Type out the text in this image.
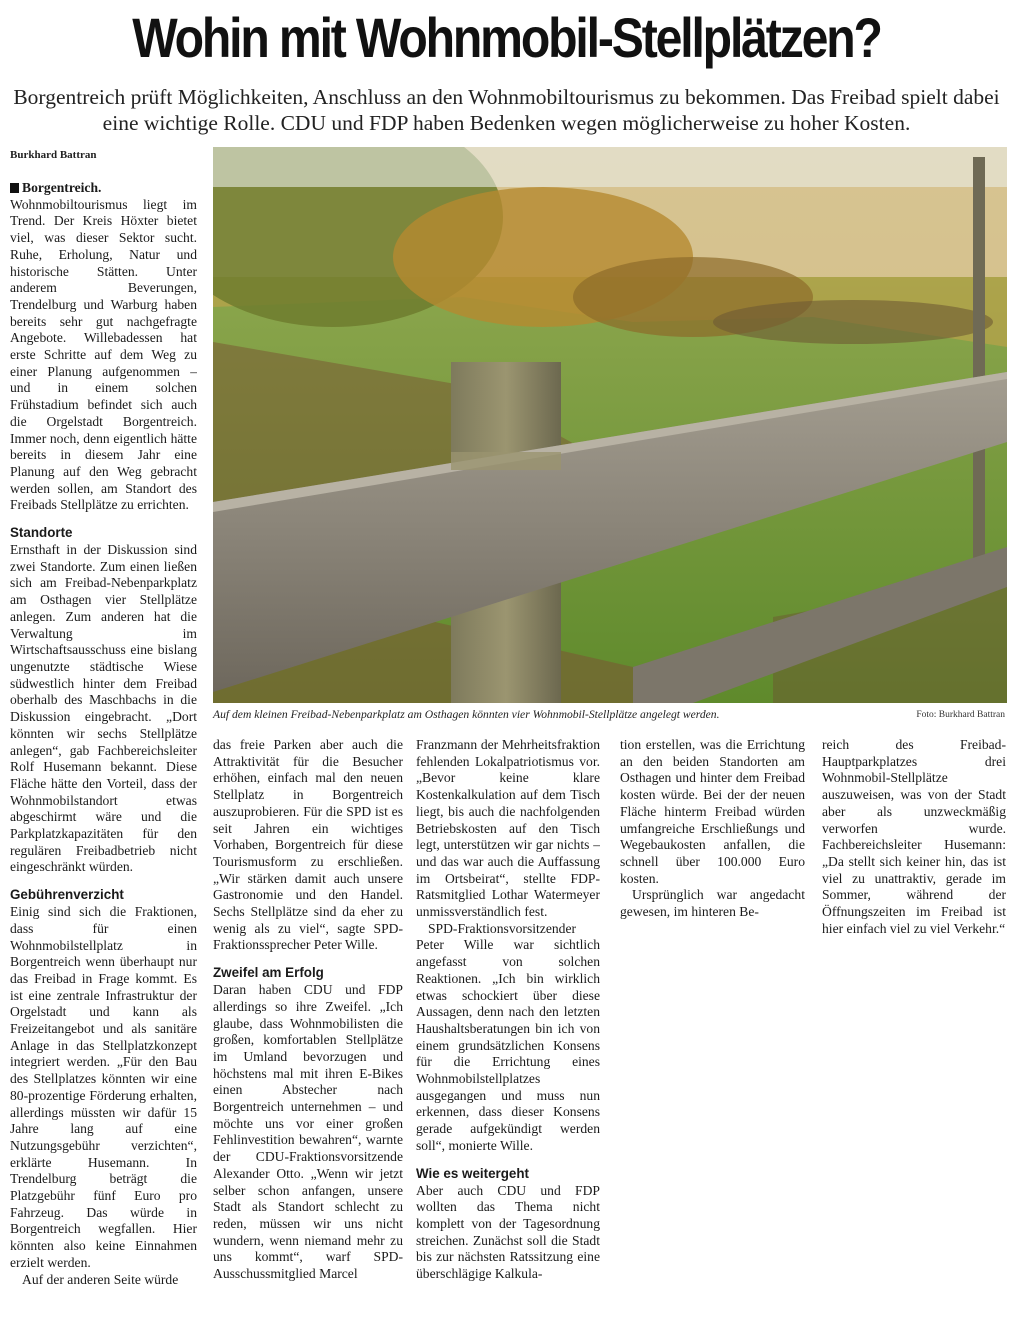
Wohin mit Wohnmobil-Stellplätzen?
Borgentreich prüft Möglichkeiten, Anschluss an den Wohnmobiltourismus zu bekommen. Das Freibad spielt dabei eine wichtige Rolle. CDU und FDP haben Bedenken wegen möglicherweise zu hoher Kosten.
Burkhard Battran

Borgentreich. Wohnmobiltourismus liegt im Trend. Der Kreis Höxter bietet viel, was dieser Sektor sucht. Ruhe, Erholung, Natur und historische Stätten. Unter anderem Beverungen, Trendelburg und Warburg haben bereits sehr gut nachgefragte Angebote. Willebadessen hat erste Schritte auf dem Weg zu einer Planung aufgenommen – und in einem solchen Frühstadium befindet sich auch die Orgelstadt Borgentreich. Immer noch, denn eigentlich hätte bereits in diesem Jahr eine Planung auf den Weg gebracht werden sollen, am Standort des Freibads Stellplätze zu errichten.

Standorte

Ernsthaft in der Diskussion sind zwei Standorte. Zum einen ließen sich am Freibad-Nebenparkplatz am Osthagen vier Stellplätze anlegen. Zum anderen hat die Verwaltung im Wirtschaftsausschuss eine bislang ungenutzte städtische Wiese südwestlich hinter dem Freibad oberhalb des Maschbachs in die Diskussion eingebracht. „Dort könnten wir sechs Stellplätze anlegen“, gab Fachbereichsleiter Rolf Husemann bekannt. Diese Fläche hätte den Vorteil, dass der Wohnmobilstandort etwas abgeschirmt wäre und die Parkplatzkapazitäten für den regulären Freibadbetrieb nicht eingeschränkt würden.

Gebührenverzicht

Einig sind sich die Fraktionen, dass für einen Wohnmobilstellplatz in Borgentreich wenn überhaupt nur das Freibad in Frage kommt. Es ist eine zentrale Infrastruktur der Orgelstadt und kann als Freizeitangebot und als sanitäre Anlage in das Stellplatzkonzept integriert werden. „Für den Bau des Stellplatzes könnten wir eine 80-prozentige Förderung erhalten, allerdings müssten wir dafür 15 Jahre lang auf eine Nutzungsgebühr verzichten“, erklärte Husemann. In Trendelburg beträgt die Platzgebühr fünf Euro pro Fahrzeug. Das würde in Borgentreich wegfallen. Hier könnten also keine Einnahmen erzielt werden.

Auf der anderen Seite würde

Auf dem kleinen Freibad-Nebenparkplatz am Osthagen könnten vier Wohnmobil-Stellplätze angelegt werden.	Foto: Burkhard Battran

das freie Parken aber auch die Attraktivität für die Besucher erhöhen, einfach mal den neuen Stellplatz in Borgentreich auszuprobieren. Für die SPD ist es seit Jahren ein wichtiges Vorhaben, Borgentreich für diese Tourismusform zu erschließen. „Wir stärken damit auch unsere Gastronomie und den Handel. Sechs Stellplätze sind da eher zu wenig als zu viel“, sagte SPD-Fraktionssprecher Peter Wille.

Zweifel am Erfolg

Daran haben CDU und FDP allerdings so ihre Zweifel. „Ich glaube, dass Wohnmobilisten die großen, komfortablen Stellplätze im Umland bevorzugen und höchstens mal mit ihren E-Bikes einen Abstecher nach Borgentreich unternehmen – und möchte uns vor einer großen Fehlinvestition bewahren“, warnte der CDU-Fraktionsvorsitzende Alexander Otto. „Wenn wir jetzt selber schon anfangen, unsere Stadt als Standort schlecht zu reden, müssen wir uns nicht wundern, wenn niemand mehr zu uns kommt“, warf SPD-Ausschussmitglied Marcel

Franzmann der Mehrheitsfraktion fehlenden Lokalpatriotismus vor. „Bevor keine klare Kostenkalkulation auf dem Tisch liegt, bis auch die nachfolgenden Betriebskosten auf den Tisch legt, unterstützen wir gar nichts – und das war auch die Auffassung im Ortsbeirat“, stellte FDP-Ratsmitglied Lothar Watermeyer unmissverständlich fest.

SPD-Fraktionsvorsitzender Peter Wille war sichtlich angefasst von solchen Reaktionen. „Ich bin wirklich etwas schockiert über diese Aussagen, denn nach den letzten Haushaltsberatungen bin ich von einem grundsätzlichen Konsens für die Errichtung eines Wohnmobilstellplatzes ausgegangen und muss nun erkennen, dass dieser Konsens gerade aufgekündigt werden soll“, monierte Wille.

Wie es weitergeht

Aber auch CDU und FDP wollten das Thema nicht komplett von der Tagesordnung streichen. Zunächst soll die Stadt bis zur nächsten Ratssitzung eine überschlägige Kalkula-

tion erstellen, was die Errichtung an den beiden Standorten am Osthagen und hinter dem Freibad kosten würde. Bei der der neuen Fläche hinterm Freibad würden umfangreiche Erschließungs und Wegebaukosten anfallen, die schnell über 100.000 Euro kosten.

Ursprünglich war angedacht gewesen, im hinteren Be-

reich des Freibad-Hauptparkplatzes drei Wohnmobil-Stellplätze auszuweisen, was von der Stadt aber als unzweckmäßig verworfen wurde. Fachbereichsleiter Husemann: „Da stellt sich keiner hin, das ist viel zu unattraktiv, gerade im Sommer, während der Öffnungszeiten im Freibad ist hier einfach viel zu viel Verkehr.“
